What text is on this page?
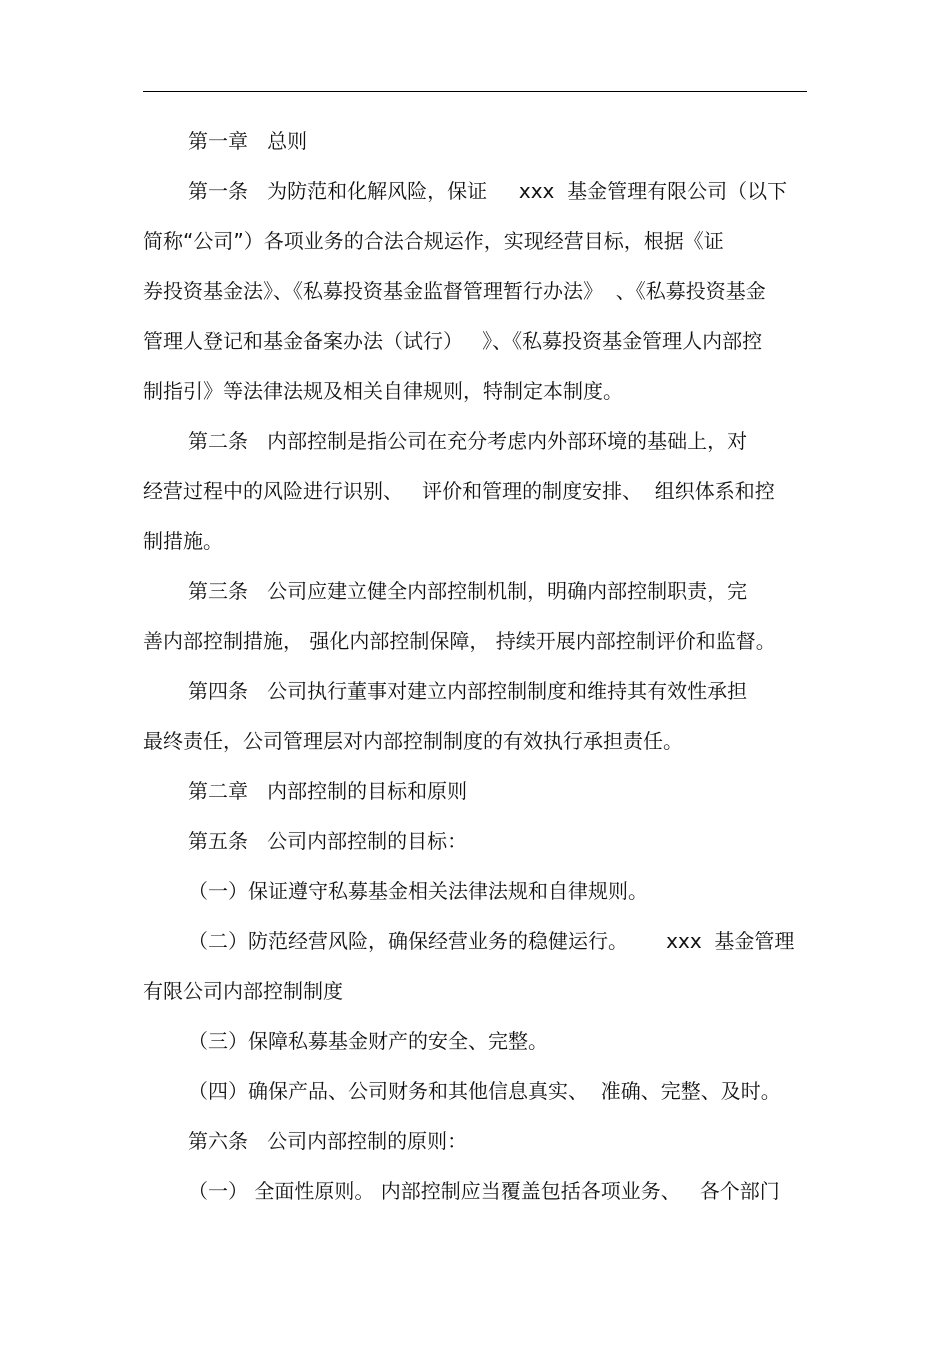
第一章   总则
第一条   为防范和化解风险，保证     xxx  基金管理有限公司（以下
简称“公司”）各项业务的合法合规运作，实现经营目标，根据《证
券投资基金法》、《私募投资基金监督管理暂行办法》  、《私募投资基金
管理人登记和基金备案办法（试行）   》、《私募投资基金管理人内部控
制指引》等法律法规及相关自律规则，特制定本制度。
第二条   内部控制是指公司在充分考虑内外部环境的基础上，对
经营过程中的风险进行识别、   评价和管理的制度安排、  组织体系和控
制措施。
第三条   公司应建立健全内部控制机制，明确内部控制职责，完
善内部控制措施， 强化内部控制保障， 持续开展内部控制评价和监督。
第四条   公司执行董事对建立内部控制制度和维持其有效性承担
最终责任，公司管理层对内部控制制度的有效执行承担责任。
第二章   内部控制的目标和原则
第五条   公司内部控制的目标：
（一）保证遵守私募基金相关法律法规和自律规则。
（二）防范经营风险，确保经营业务的稳健运行。      xxx  基金管理
有限公司内部控制制度
（三）保障私募基金财产的安全、完整。
（四）确保产品、公司财务和其他信息真实、  准确、完整、及时。
第六条   公司内部控制的原则：
（一） 全面性原则。 内部控制应当覆盖包括各项业务、   各个部门
